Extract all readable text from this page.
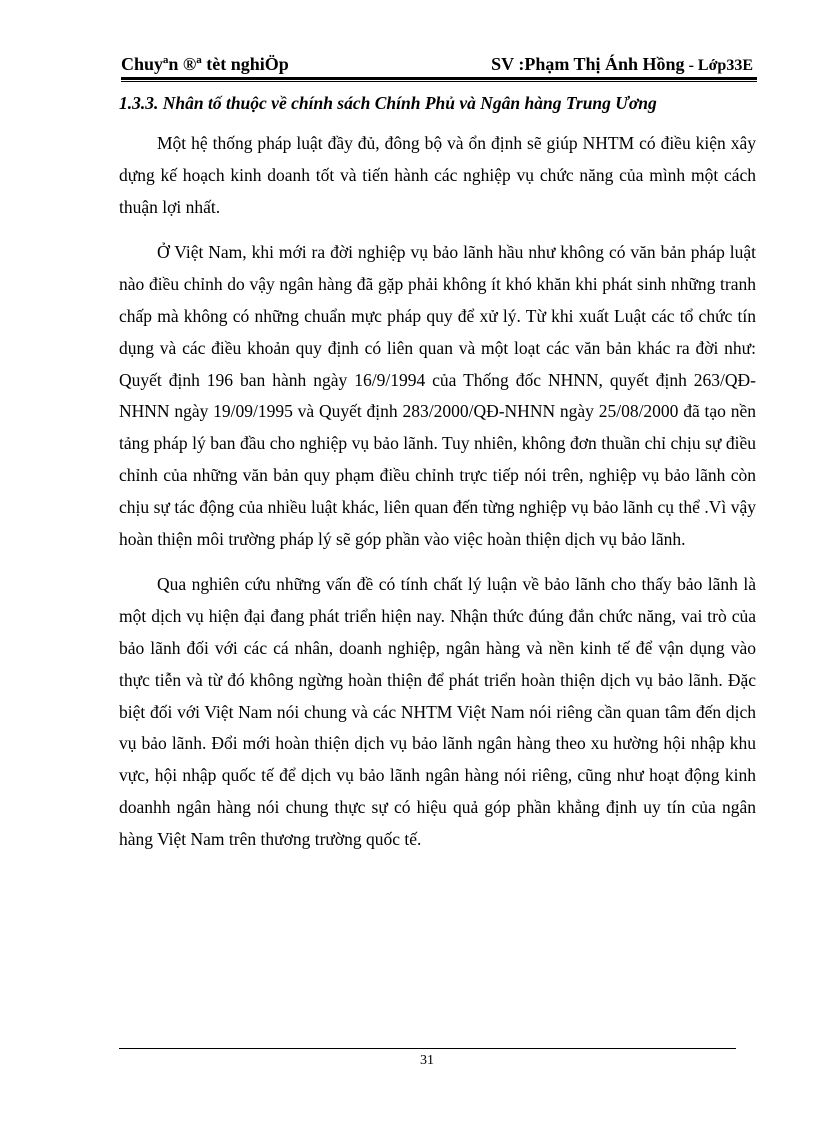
Chuyªn ®ª tèt nghiÖp	SV :Phạm Thị Ánh Hồng - Lớp33E
1.3.3. Nhân tố thuộc về chính sách Chính Phủ và Ngân hàng Trung Ương

Một hệ thống pháp luật đầy đủ, đông bộ và ổn định sẽ giúp NHTM có điều kiện xây dựng kế hoạch kinh doanh tốt và tiến hành các nghiệp vụ chức năng của mình một cách thuận lợi nhất.

Ở Việt Nam, khi mới ra đời nghiệp vụ bảo lãnh hầu như không có văn bản pháp luật nào điều chỉnh do vậy ngân hàng đã gặp phải không ít khó khăn khi phát sinh những tranh chấp mà không có những chuẩn mực pháp quy để xử lý. Từ khi xuất Luật các tổ chức tín dụng và các điều khoản quy định có liên quan và một loạt các văn bản khác ra đời như: Quyết định 196 ban hành ngày 16/9/1994 của Thống đốc NHNN, quyết định 263/QĐ- NHNN ngày 19/09/1995 và Quyết định 283/2000/QĐ-NHNN ngày 25/08/2000 đã tạo nền tảng pháp lý ban đầu cho nghiệp vụ bảo lãnh. Tuy nhiên, không đơn thuần chỉ chịu sự điều chỉnh của những văn bản quy phạm điều chỉnh trực tiếp nói trên, nghiệp vụ bảo lãnh còn chịu sự tác động của nhiều luật khác, liên quan đến từng nghiệp vụ bảo lãnh cụ thể .Vì vậy hoàn thiện môi trường pháp lý sẽ góp phần vào việc hoàn thiện dịch vụ bảo lãnh.

Qua nghiên cứu những vấn đề có tính chất lý luận về bảo lãnh cho thấy bảo lãnh là một dịch vụ hiện đại đang phát triển hiện nay. Nhận thức đúng đắn chức năng, vai trò của bảo lãnh đối với các cá nhân, doanh nghiệp, ngân hàng và nền kinh tế để vận dụng vào thực tiễn và từ đó không ngừng hoàn thiện để phát triển hoàn thiện dịch vụ bảo lãnh. Đặc biệt đối với Việt Nam nói chung và các NHTM Việt Nam nói riêng cần quan tâm đến dịch vụ bảo lãnh. Đổi mới hoàn thiện dịch vụ bảo lãnh ngân hàng theo xu hường hội nhập khu vực, hội nhập quốc tế để dịch vụ bảo lãnh ngân hàng nói riêng, cũng như hoạt động kinh doanhh ngân hàng nói chung thực sự có hiệu quả góp phần khẳng định uy tín của ngân hàng Việt Nam trên thương trường quốc tế.

31
